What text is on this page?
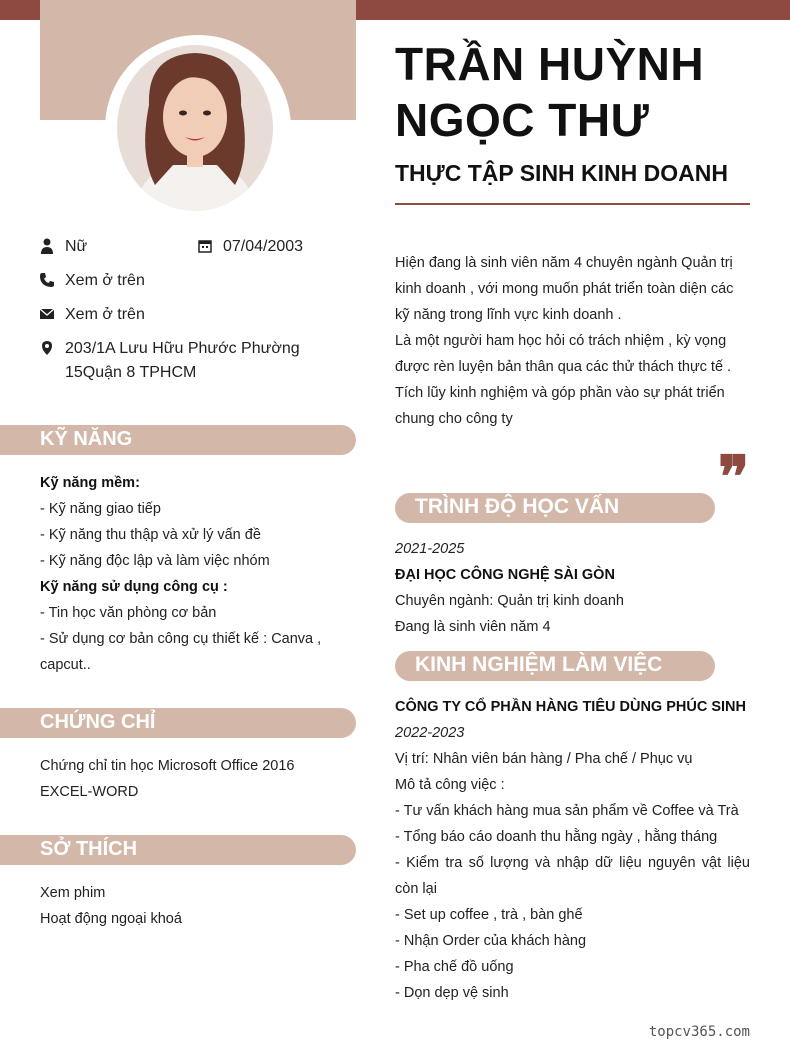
TRẦN HUỲNH
NGỌC THƯ
THỰC TẬP SINH KINH DOANH
Nữ	07/04/2003
Xem ở trên
Xem ở trên
203/1A Lưu Hữu Phước Phường 15Quận 8 TPHCM
KỸ NĂNG
Kỹ năng mềm:
- Kỹ năng giao tiếp
- Kỹ năng thu thập và xử lý vấn đề
- Kỹ năng độc lập và làm việc nhóm
Kỹ năng sử dụng công cụ :
- Tin học văn phòng cơ bản
- Sử dụng cơ bản công cụ thiết kế : Canva ,
capcut..
CHỨNG CHỈ
Chứng chỉ tin học Microsoft Office 2016
EXCEL-WORD
SỞ THÍCH
Xem phim
Hoạt động ngoại khoá
Hiện đang là sinh viên năm 4 chuyên ngành Quản trị kinh doanh , với mong muốn phát triển toàn diện các kỹ năng trong lĩnh vực kinh doanh .
Là một người ham học hỏi có trách nhiệm , kỳ vọng được rèn luyện bản thân qua các thử thách thực tế .
Tích lũy kinh nghiệm và góp phần vào sự phát triển chung cho công ty
❞
TRÌNH ĐỘ HỌC VẤN
2021-2025
ĐẠI HỌC CÔNG NGHỆ SÀI GÒN
Chuyên ngành: Quản trị kinh doanh
Đang là sinh viên năm 4
KINH NGHIỆM LÀM VIỆC
CÔNG TY CỔ PHẦN HÀNG TIÊU DÙNG PHÚC SINH
2022-2023
Vị trí: Nhân viên bán hàng / Pha chế / Phục vụ
Mô tả công việc :
- Tư vấn khách hàng mua sản phẩm về Coffee và Trà
- Tổng báo cáo doanh thu hằng ngày , hằng tháng
- Kiểm tra số lượng và nhập dữ liệu nguyên vật liệu còn lại
- Set up coffee , trà , bàn ghế
- Nhận Order của khách hàng
- Pha chế đồ uống
- Dọn dẹp vệ sinh
topcv365.com
